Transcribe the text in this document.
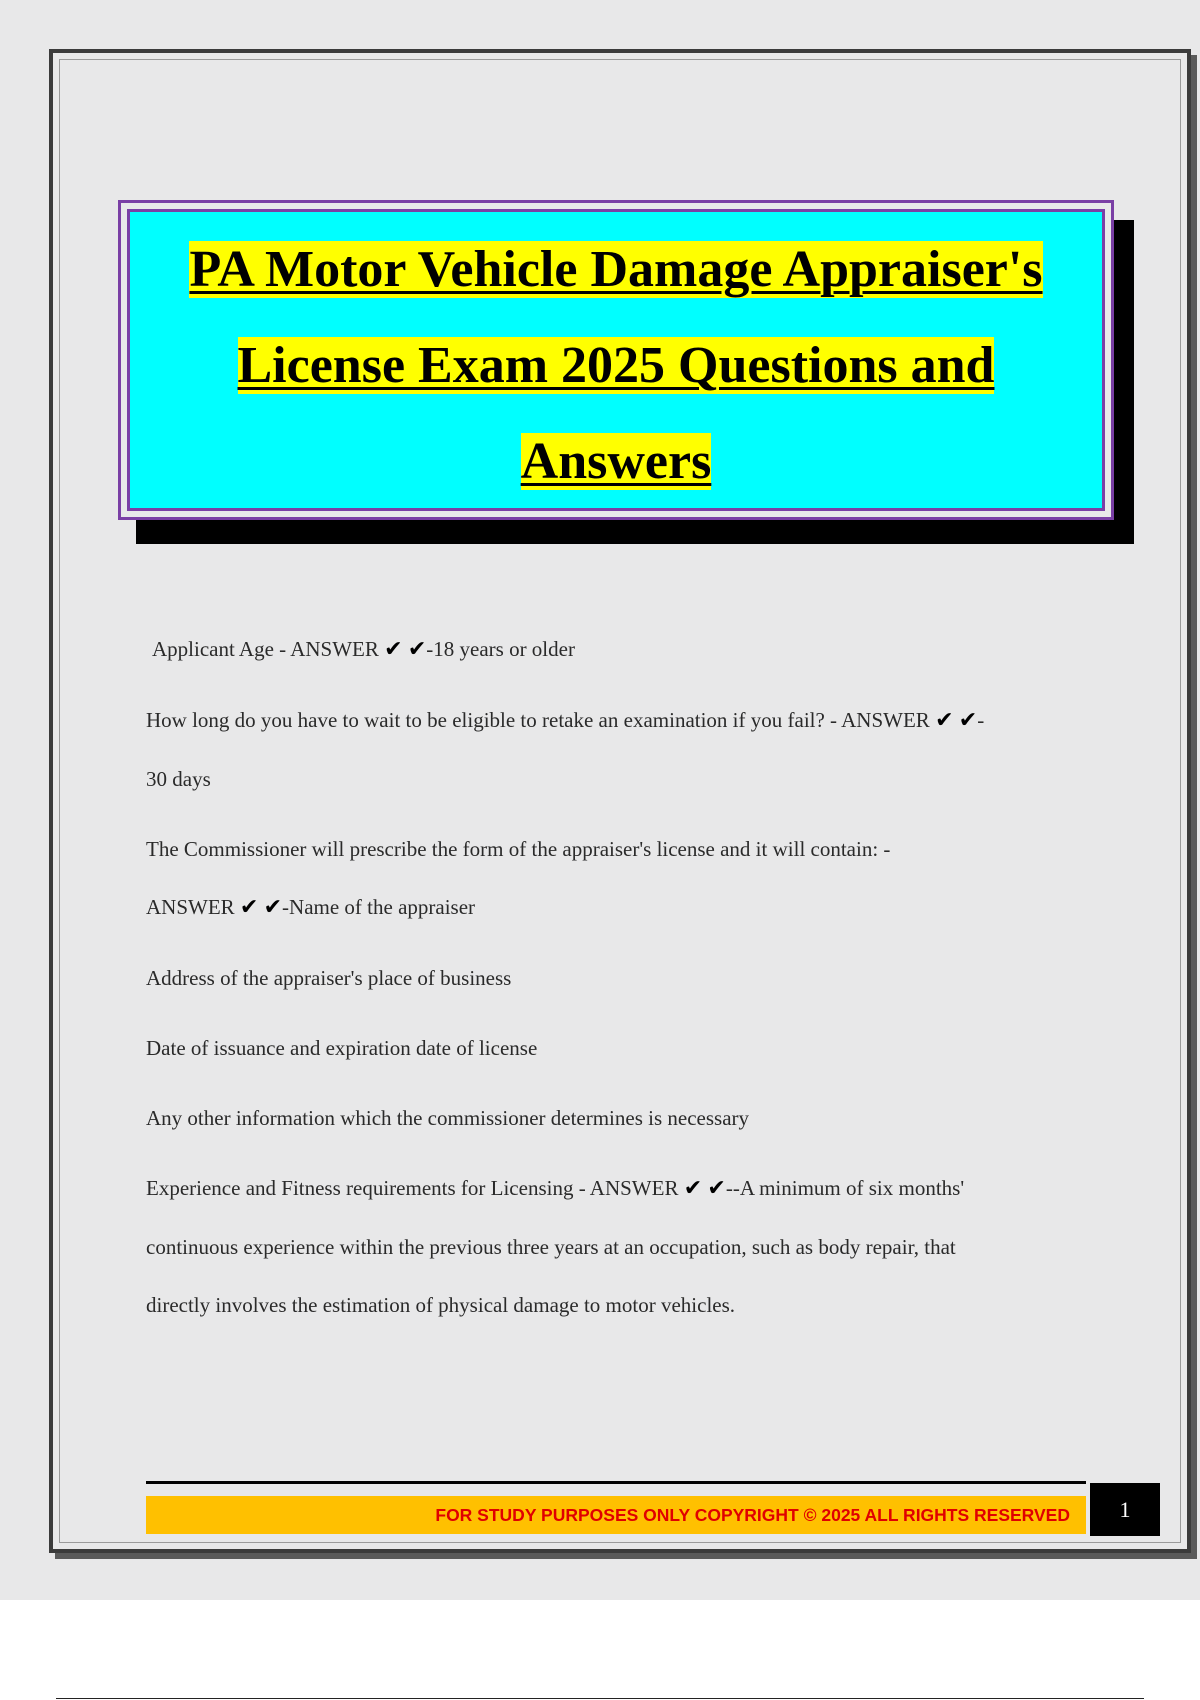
PA Motor Vehicle Damage Appraiser's
License Exam 2025 Questions and
Answers

Applicant Age - ANSWER ✔ ✔-18 years or older

How long do you have to wait to be eligible to retake an examination if you fail? - ANSWER ✔ ✔-

30 days

The Commissioner will prescribe the form of the appraiser's license and it will contain: -

ANSWER ✔ ✔-Name of the appraiser

Address of the appraiser's place of business

Date of issuance and expiration date of license

Any other information which the commissioner determines is necessary

Experience and Fitness requirements for Licensing - ANSWER ✔ ✔--A minimum of six months'

continuous experience within the previous three years at an occupation, such as body repair, that

directly involves the estimation of physical damage to motor vehicles.

FOR STUDY PURPOSES ONLY COPYRIGHT © 2025 ALL RIGHTS RESERVED	1
